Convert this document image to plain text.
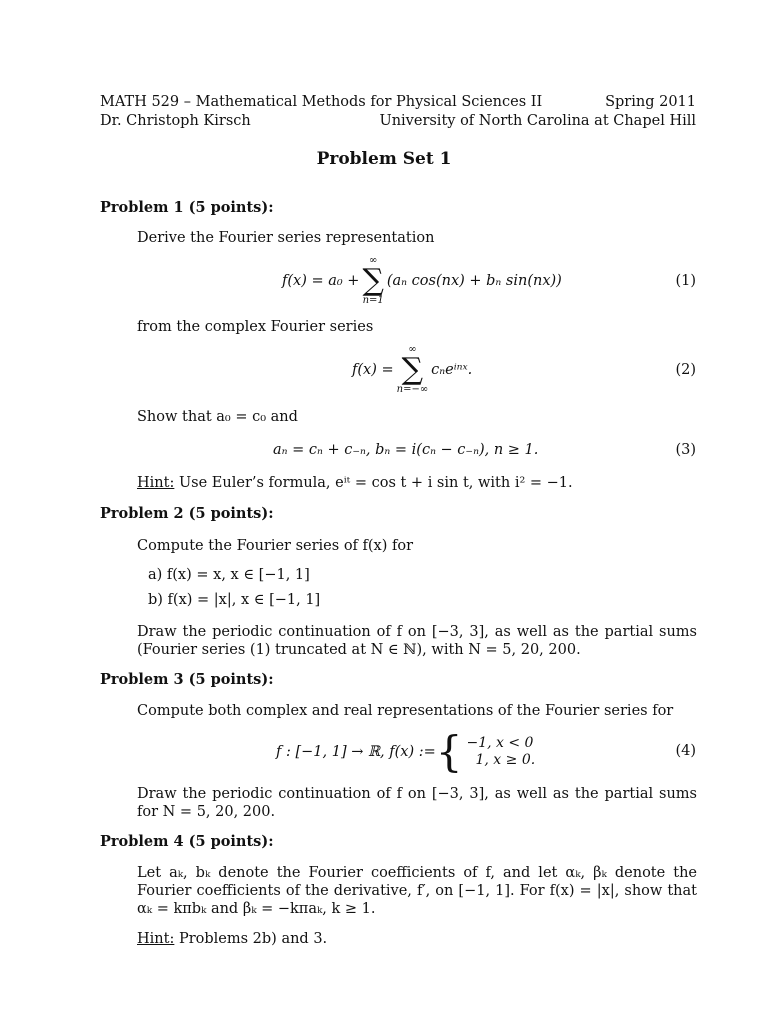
MATH 529 – Mathematical Methods for Physical Sciences II	Spring 2011
Dr. Christoph Kirsch	University of North Carolina at Chapel Hill
Problem Set 1
Problem 1 (5 points):
Derive the Fourier series representation
f(x) = a₀ +
∞
∑
n=1
(aₙ cos(nx) + bₙ sin(nx))	(1)
from the complex Fourier series
f(x) =
∞
∑
n=−∞
cₙeⁱⁿˣ.	(2)
Show that a₀ = c₀ and
aₙ = cₙ + c₋ₙ, bₙ = i(cₙ − c₋ₙ), n ≥ 1.	(3)
Hint: Use Euler’s formula, eⁱᵗ = cos t + i sin t, with i² = −1.
Problem 2 (5 points):
Compute the Fourier series of f(x) for
a) f(x) = x, x ∈ [−1, 1]
b) f(x) = |x|, x ∈ [−1, 1]
Draw the periodic continuation of f on [−3, 3], as well as the partial sums (Fourier series (1) truncated at N ∈ ℕ), with N = 5, 20, 200.
Problem 3 (5 points):
Compute both complex and real representations of the Fourier series for
f : [−1, 1] → ℝ, f(x) := { −1, x < 0
1, x ≥ 0.
(4)
Draw the periodic continuation of f on [−3, 3], as well as the partial sums for N = 5, 20, 200.
Problem 4 (5 points):
Let aₖ, bₖ denote the Fourier coefficients of f, and let αₖ, βₖ denote the Fourier coefficients of the derivative, f′, on [−1, 1]. For f(x) = |x|, show that αₖ = kπbₖ and βₖ = −kπaₖ, k ≥ 1.
Hint: Problems 2b) and 3.
